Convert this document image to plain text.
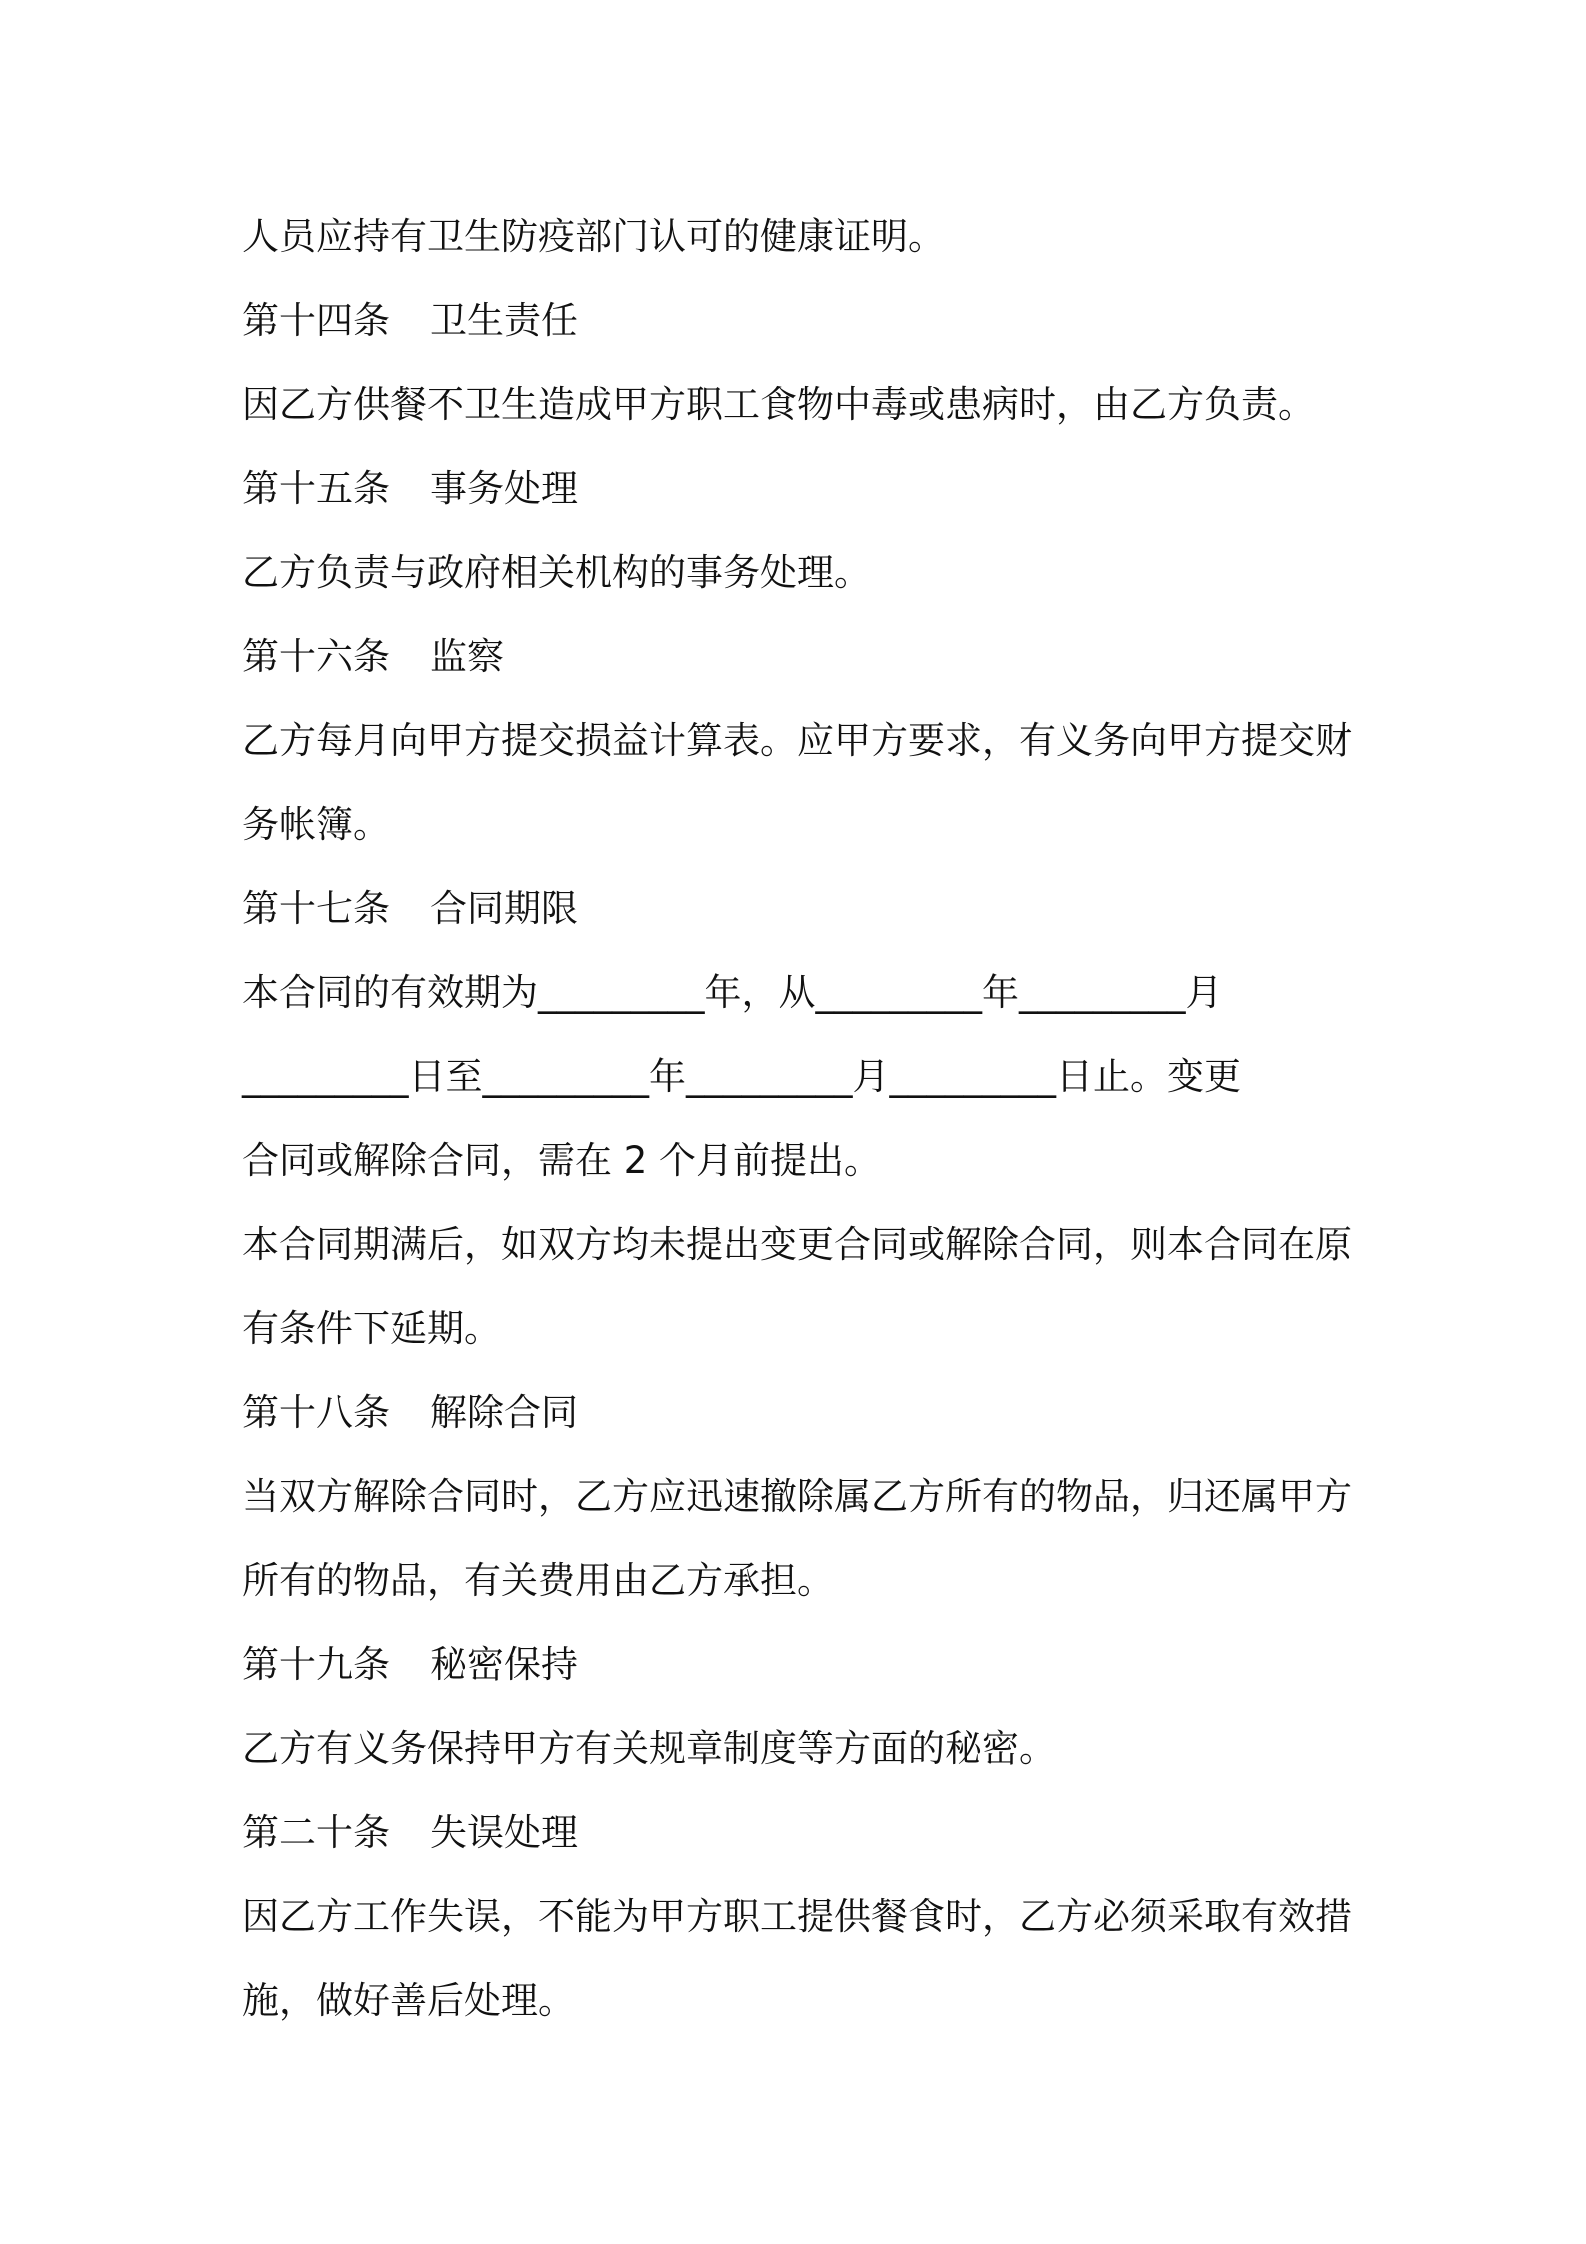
人员应持有卫生防疫部门认可的健康证明。
第十四条 卫生责任
因乙方供餐不卫生造成甲方职工食物中毒或患病时，由乙方负责。
第十五条 事务处理
乙方负责与政府相关机构的事务处理。
第十六条 监察
乙方每月向甲方提交损益计算表。应甲方要求，有义务向甲方提交财
务帐簿。
第十七条 合同期限
本合同的有效期为_________年，从_________年_________月
_________日至_________年_________月_________日止。变更
合同或解除合同，需在 2 个月前提出。
本合同期满后，如双方均未提出变更合同或解除合同，则本合同在原
有条件下延期。
第十八条 解除合同
当双方解除合同时，乙方应迅速撤除属乙方所有的物品，归还属甲方
所有的物品，有关费用由乙方承担。
第十九条 秘密保持
乙方有义务保持甲方有关规章制度等方面的秘密。
第二十条 失误处理
因乙方工作失误，不能为甲方职工提供餐食时，乙方必须采取有效措
施，做好善后处理。
